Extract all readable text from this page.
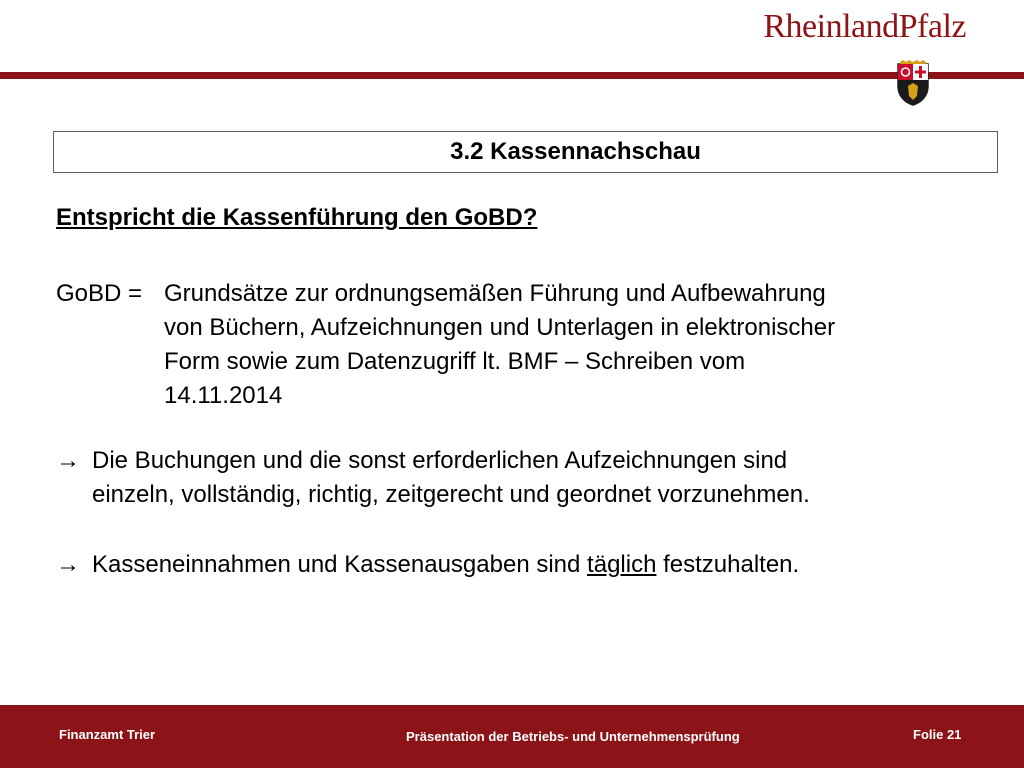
RheinlandPfalz
3.2 Kassennachschau
Entspricht die Kassenführung den GoBD?
GoBD = Grundsätze zur ordnungsemäßen Führung und Aufbewahrung
von Büchern, Aufzeichnungen und Unterlagen in elektronischer
Form sowie zum Datenzugriff lt. BMF – Schreiben vom
14.11.2014
→ Die Buchungen und die sonst erforderlichen Aufzeichnungen sind
einzeln, vollständig, richtig, zeitgerecht und geordnet vorzunehmen.
→ Kasseneinnahmen und Kassenausgaben sind täglich festzuhalten.
Finanzamt Trier	Präsentation der Betriebs- und Unternehmensprüfung	Folie 21
